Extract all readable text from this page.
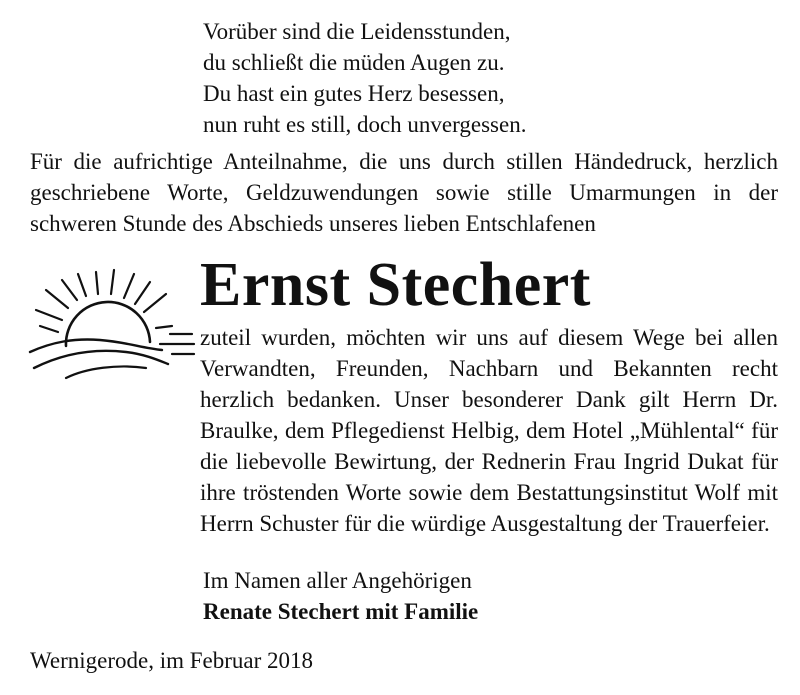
Vorüber sind die Leidensstunden,
du schließt die müden Augen zu.
Du hast ein gutes Herz besessen,
nun ruht es still, doch unvergessen.
Für die aufrichtige Anteilnahme, die uns durch stillen Händedruck, herzlich geschriebene Worte, Geldzuwendungen sowie stille Umarmungen in der schweren Stunde des Abschieds unseres lieben Entschlafenen
Ernst Stechert
zuteil wurden, möchten wir uns auf diesem Wege bei allen Verwandten, Freunden, Nachbarn und Bekannten recht herzlich bedanken. Unser besonderer Dank gilt Herrn Dr. Braulke, dem Pflegedienst Helbig, dem Hotel „Mühlental“ für die liebevolle Bewirtung, der Rednerin Frau Ingrid Dukat für ihre tröstenden Worte sowie dem Bestattungsinstitut Wolf mit Herrn Schuster für die würdige Ausgestaltung der Trauerfeier.
Im Namen aller Angehörigen
Renate Stechert mit Familie
Wernigerode, im Februar 2018
